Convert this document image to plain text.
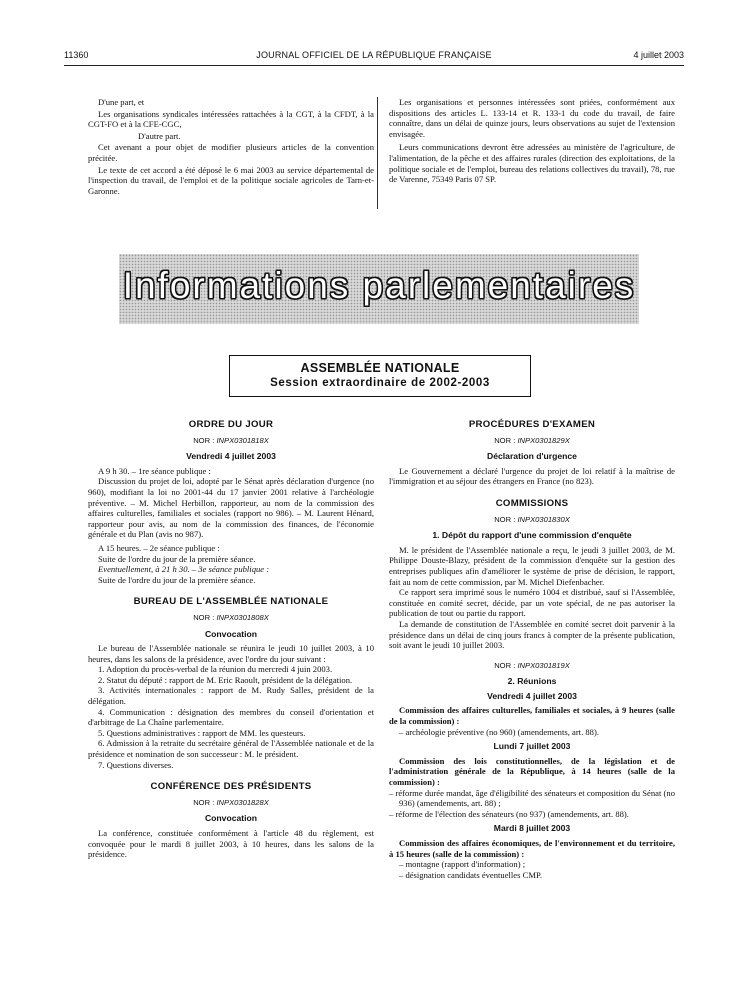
11360	JOURNAL OFFICIEL DE LA RÉPUBLIQUE FRANÇAISE	4 juillet 2003

D'une part, et

Les organisations syndicales intéressées rattachées à la CGT, à la CFDT, à la CGT-FO et à la CFE-CGC,

D'autre part.

Cet avenant a pour objet de modifier plusieurs articles de la convention précitée.

Le texte de cet accord a été déposé le 6 mai 2003 au service départemental de l'inspection du travail, de l'emploi et de la politique sociale agricoles de Tarn-et-Garonne.

Les organisations et personnes intéressées sont priées, conformément aux dispositions des articles L. 133-14 et R. 133-1 du code du travail, de faire connaître, dans un délai de quinze jours, leurs observations au sujet de l'extension envisagée.

Leurs communications devront être adressées au ministère de l'agriculture, de l'alimentation, de la pêche et des affaires rurales (direction des exploitations, de la politique sociale et de l'emploi, bureau des relations collectives du travail), 78, rue de Varenne, 75349 Paris 07 SP.

Informations parlementaires
ASSEMBLÉE NATIONALE
Session extraordinaire de 2002-2003
ORDRE DU JOUR
NOR : INPX0301818X
Vendredi 4 juillet 2003

A 9 h 30. – 1re séance publique :

Discussion du projet de loi, adopté par le Sénat après déclaration d'urgence (no 960), modifiant la loi no 2001-44 du 17 janvier 2001 relative à l'archéologie préventive. – M. Michel Herbillon, rapporteur, au nom de la commission des affaires culturelles, familiales et sociales (rapport no 986). – M. Laurent Hénard, rapporteur pour avis, au nom de la commission des finances, de l'économie générale et du Plan (avis no 987).

A 15 heures. – 2e séance publique :

Suite de l'ordre du jour de la première séance.

Eventuellement, à 21 h 30. – 3e séance publique :

Suite de l'ordre du jour de la première séance.

BUREAU DE L'ASSEMBLÉE NATIONALE
NOR : INPX0301808X
Convocation

Le bureau de l'Assemblée nationale se réunira le jeudi 10 juillet 2003, à 10 heures, dans les salons de la présidence, avec l'ordre du jour suivant :

1. Adoption du procès-verbal de la réunion du mercredi 4 juin 2003.

2. Statut du député : rapport de M. Eric Raoult, président de la délégation.

3. Activités internationales : rapport de M. Rudy Salles, président de la délégation.

4. Communication : désignation des membres du conseil d'orientation et d'arbitrage de La Chaîne parlementaire.

5. Questions administratives : rapport de MM. les questeurs.

6. Admission à la retraite du secrétaire général de l'Assemblée nationale et de la présidence et nomination de son successeur : M. le président.

7. Questions diverses.

CONFÉRENCE DES PRÉSIDENTS
NOR : INPX0301828X
Convocation

La conférence, constituée conformément à l'article 48 du règlement, est convoquée pour le mardi 8 juillet 2003, à 10 heures, dans les salons de la présidence.

PROCÉDURES D'EXAMEN
NOR : INPX0301829X
Déclaration d'urgence

Le Gouvernement a déclaré l'urgence du projet de loi relatif à la maîtrise de l'immigration et au séjour des étrangers en France (no 823).

COMMISSIONS
NOR : INPX0301830X
1. Dépôt du rapport d'une commission d'enquête

M. le président de l'Assemblée nationale a reçu, le jeudi 3 juillet 2003, de M. Philippe Douste-Blazy, président de la commission d'enquête sur la gestion des entreprises publiques afin d'améliorer le système de prise de décision, le rapport, fait au nom de cette commission, par M. Michel Diefenbacher.

Ce rapport sera imprimé sous le numéro 1004 et distribué, sauf si l'Assemblée, constituée en comité secret, décide, par un vote spécial, de ne pas autoriser la publication de tout ou partie du rapport.

La demande de constitution de l'Assemblée en comité secret doit parvenir à la présidence dans un délai de cinq jours francs à compter de la présente publication, soit avant le jeudi 10 juillet 2003.

NOR : INPX0301819X
2. Réunions
Vendredi 4 juillet 2003

Commission des affaires culturelles, familiales et sociales, à 9 heures (salle de la commission) :

– archéologie préventive (no 960) (amendements, art. 88).

Lundi 7 juillet 2003

Commission des lois constitutionnelles, de la législation et de l'administration générale de la République, à 14 heures (salle de la commission) :

– réforme durée mandat, âge d'éligibilité des sénateurs et composition du Sénat (no 936) (amendements, art. 88) ;

– réforme de l'élection des sénateurs (no 937) (amendements, art. 88).

Mardi 8 juillet 2003

Commission des affaires économiques, de l'environnement et du territoire, à 15 heures (salle de la commission) :

– montagne (rapport d'information) ;

– désignation candidats éventuelles CMP.
